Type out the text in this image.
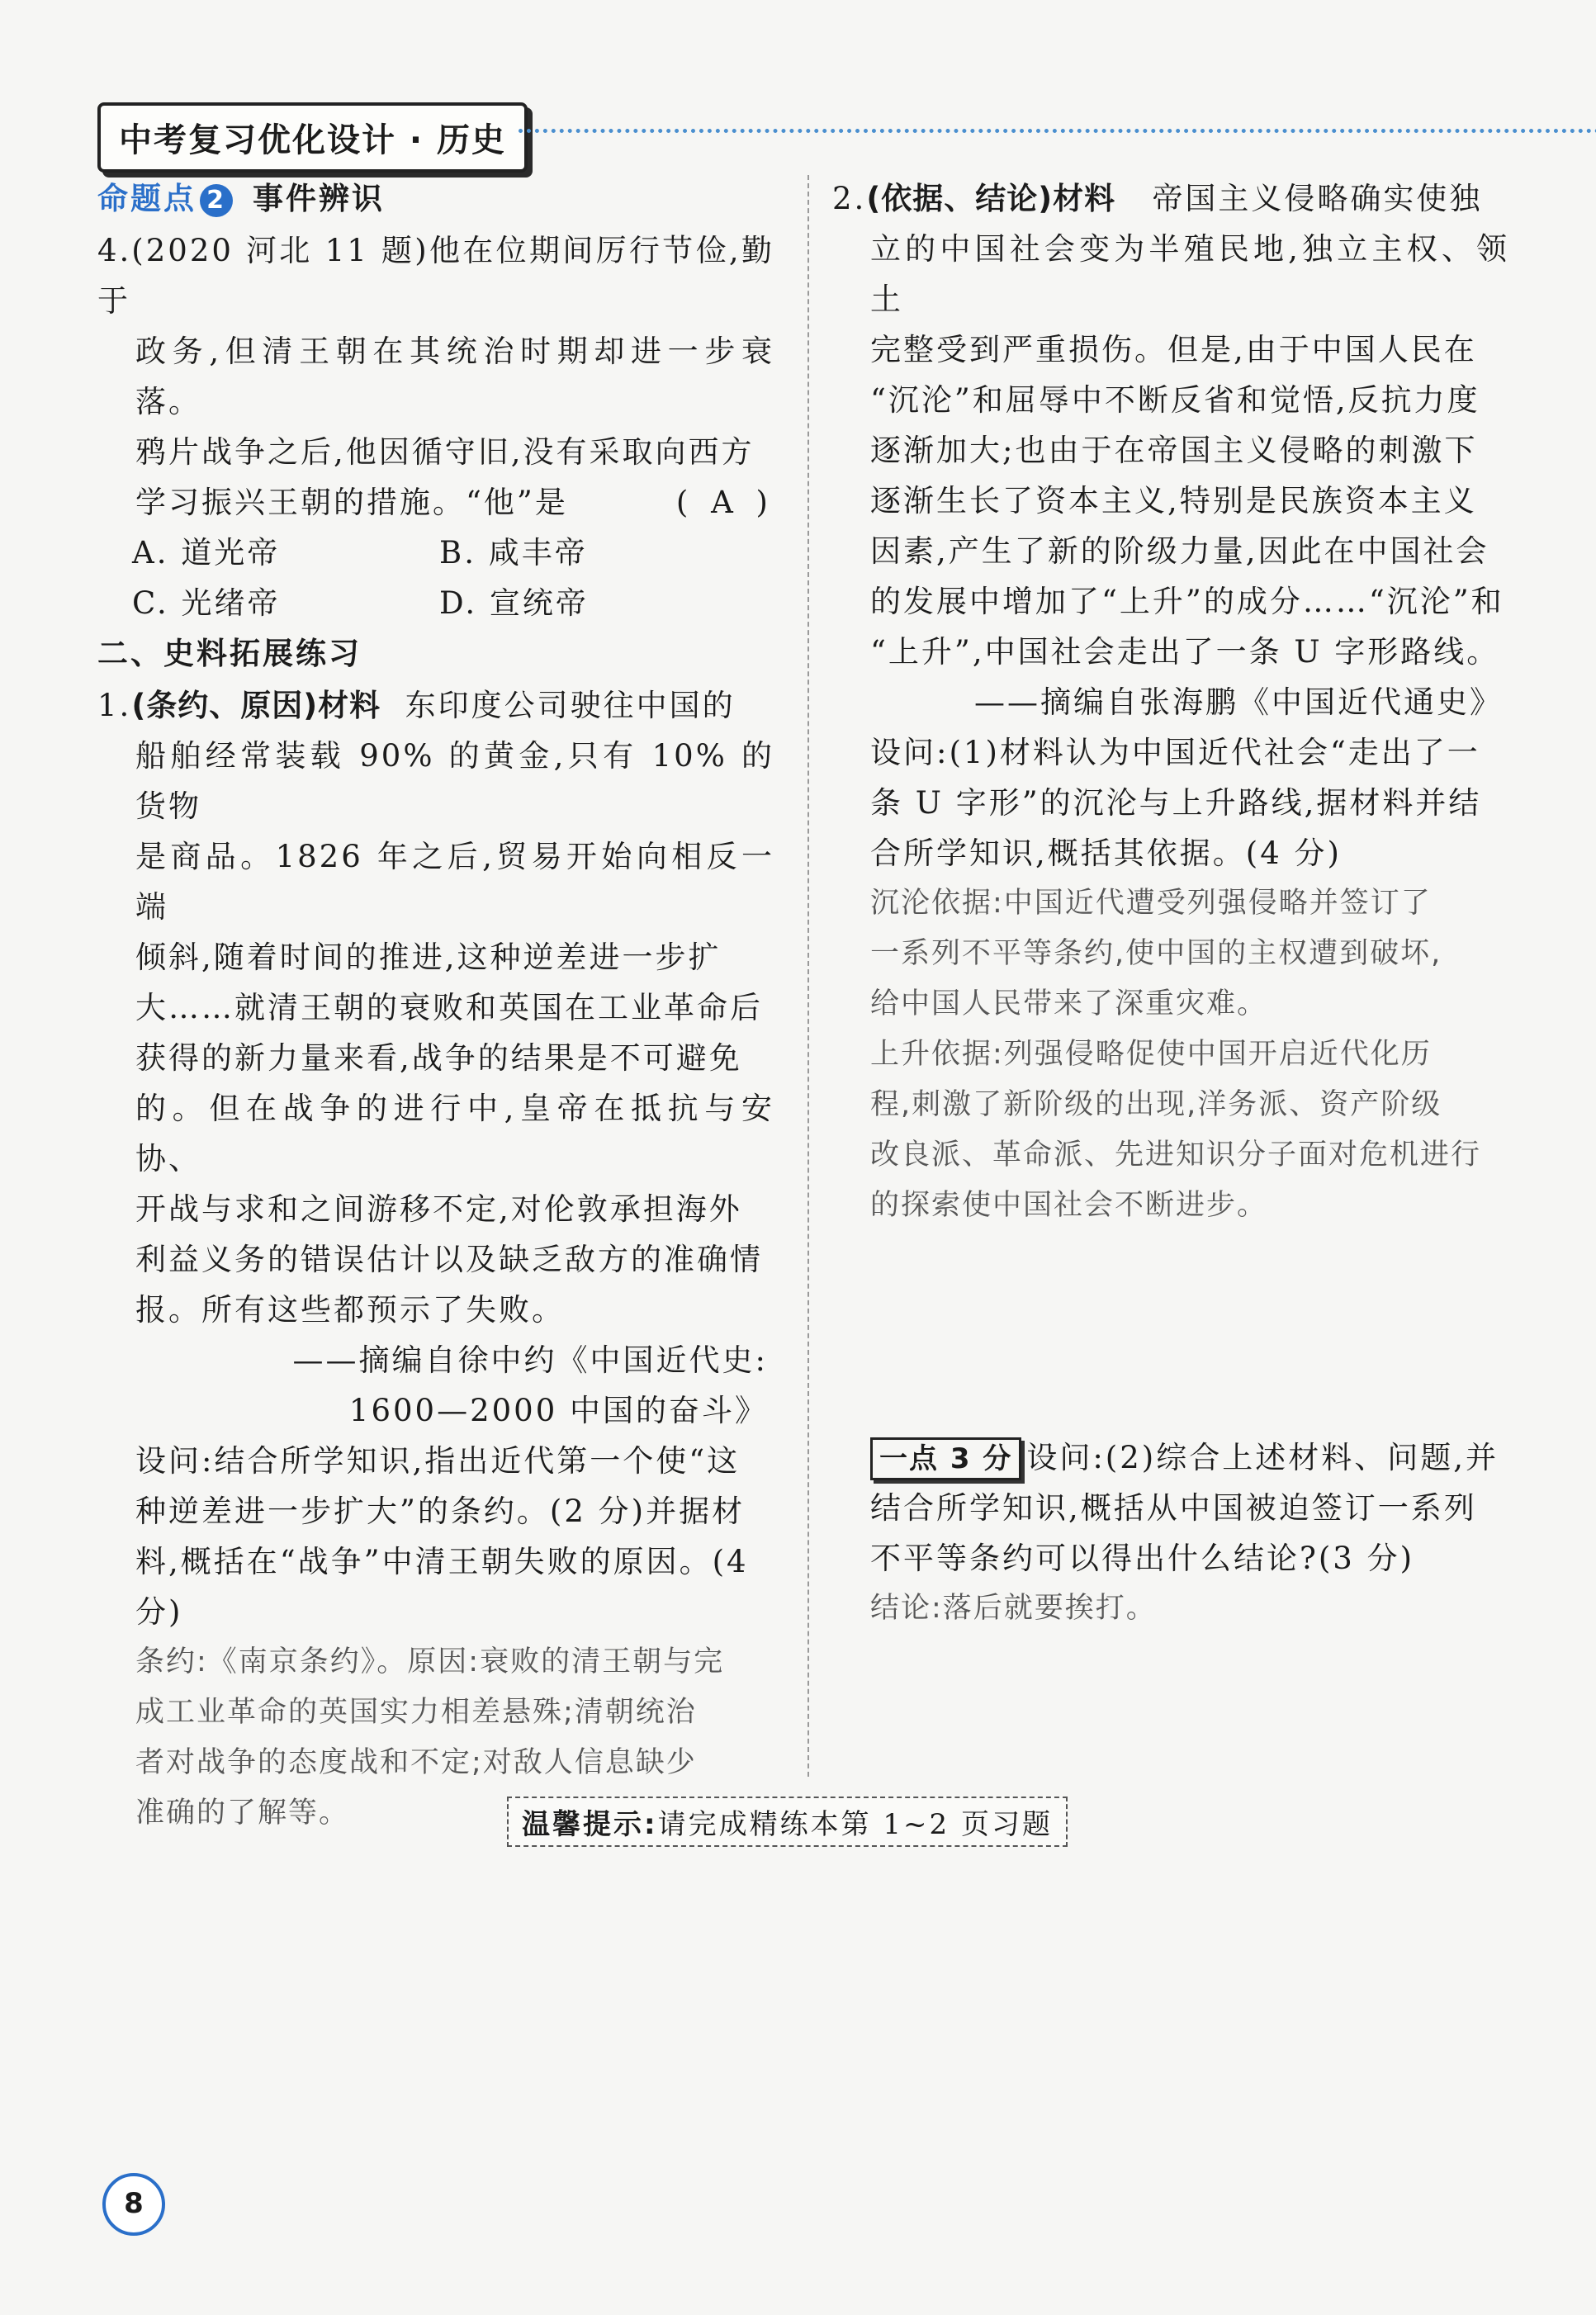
中考复习优化设计 · 历史
命题点 2 事件辨识

4.(2020 河北 11 题)他在位期间厉行节俭,勤于

政务,但清王朝在其统治时期却进一步衰落。

鸦片战争之后,他因循守旧,没有采取向西方

学习振兴王朝的措施。“他”是	( A )

A. 道光帝	B. 咸丰帝
C. 光绪帝	D. 宣统帝
二、史料拓展练习

1.(条约、原因)材料 东印度公司驶往中国的

船舶经常装载 90% 的黄金,只有 10% 的货物

是商品。1826 年之后,贸易开始向相反一端

倾斜,随着时间的推进,这种逆差进一步扩

大……就清王朝的衰败和英国在工业革命后

获得的新力量来看,战争的结果是不可避免

的。但在战争的进行中,皇帝在抵抗与安协、

开战与求和之间游移不定,对伦敦承担海外

利益义务的错误估计以及缺乏敌方的准确情

报。所有这些都预示了失败。

——摘编自徐中约《中国近代史:

1600—2000 中国的奋斗》

设问:结合所学知识,指出近代第一个使“这

种逆差进一步扩大”的条约。(2 分)并据材

料,概括在“战争”中清王朝失败的原因。(4

分)

条约:《南京条约》。原因:衰败的清王朝与完

成工业革命的英国实力相差悬殊;清朝统治

者对战争的态度战和不定;对敌人信息缺少

准确的了解等。

2.(依据、结论)材料 帝国主义侵略确实使独

立的中国社会变为半殖民地,独立主权、领土

完整受到严重损伤。但是,由于中国人民在

“沉沦”和屈辱中不断反省和觉悟,反抗力度

逐渐加大;也由于在帝国主义侵略的刺激下

逐渐生长了资本主义,特别是民族资本主义

因素,产生了新的阶级力量,因此在中国社会

的发展中增加了“上升”的成分……“沉沦”和

“上升”,中国社会走出了一条 U 字形路线。

——摘编自张海鹏《中国近代通史》

设问:(1)材料认为中国近代社会“走出了一

条 U 字形”的沉沦与上升路线,据材料并结

合所学知识,概括其依据。(4 分)

沉沦依据:中国近代遭受列强侵略并签订了

一系列不平等条约,使中国的主权遭到破坏,

给中国人民带来了深重灾难。

上升依据:列强侵略促使中国开启近代化历

程,刺激了新阶级的出现,洋务派、资产阶级

改良派、革命派、先进知识分子面对危机进行

的探索使中国社会不断进步。

一点 3 分 设问:(2)综合上述材料、问题,并

结合所学知识,概括从中国被迫签订一系列

不平等条约可以得出什么结论?(3 分)

结论:落后就要挨打。

温馨提示:请完成精练本第 1~2 页习题
8
